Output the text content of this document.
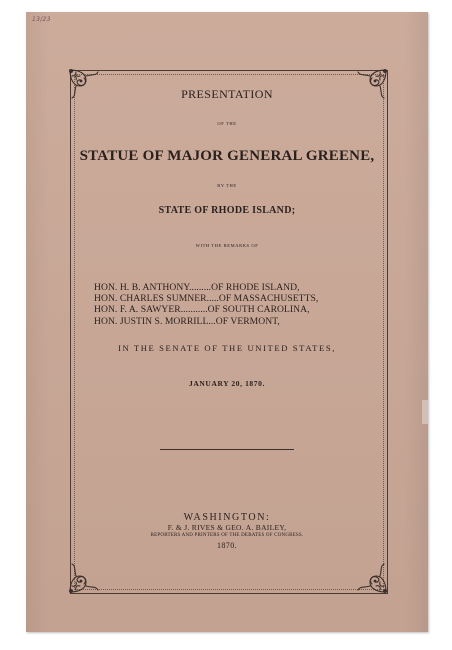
13/23
PRESENTATION
OF THE
STATUE OF MAJOR GENERAL GREENE,
BY THE
STATE OF RHODE ISLAND;
WITH THE REMARKS OF
HON. H. B. ANTHONY.........OF RHODE ISLAND,
HON. CHARLES SUMNER.....OF MASSACHUSETTS,
HON. F. A. SAWYER...........OF SOUTH CAROLINA,
HON. JUSTIN S. MORRILL...OF VERMONT,
IN THE SENATE OF THE UNITED STATES,
JANUARY 20, 1870.
WASHINGTON:
F. & J. RIVES & GEO. A. BAILEY,
REPORTERS AND PRINTERS OF THE DEBATES OF CONGRESS.
1870.
